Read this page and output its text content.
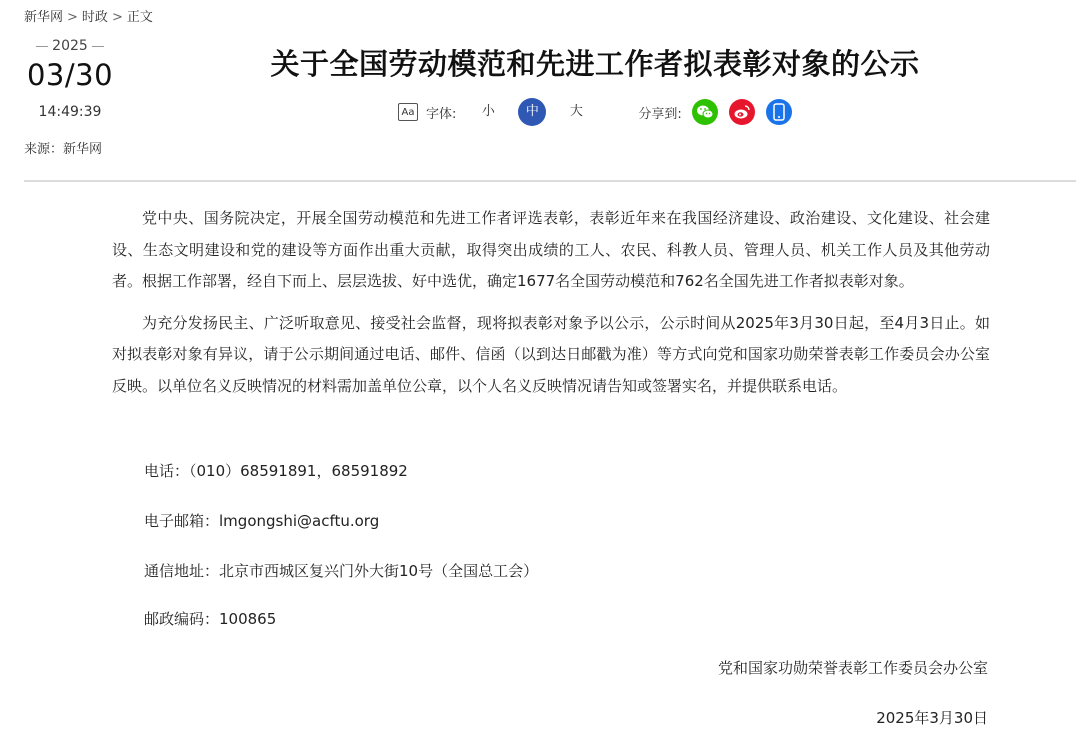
新华网 > 时政 > 正文
2025
03/30
14:49:39
来源：新华网
关于全国劳动模范和先进工作者拟表彰对象的公示
Aa 字体:	小	中	大	分享到:

党中央、国务院决定，开展全国劳动模范和先进工作者评选表彰，表彰近年来在我国经济建设、政治建设、文化建设、社会建设、生态文明建设和党的建设等方面作出重大贡献，取得突出成绩的工人、农民、科教人员、管理人员、机关工作人员及其他劳动者。根据工作部署，经自下而上、层层选拔、好中选优，确定1677名全国劳动模范和762名全国先进工作者拟表彰对象。

为充分发扬民主、广泛听取意见、接受社会监督，现将拟表彰对象予以公示，公示时间从2025年3月30日起，至4月3日止。如对拟表彰对象有异议，请于公示期间通过电话、邮件、信函（以到达日邮戳为准）等方式向党和国家功勋荣誉表彰工作委员会办公室反映。以单位名义反映情况的材料需加盖单位公章，以个人名义反映情况请告知或签署实名，并提供联系电话。

电话：（010）68591891，68591892
电子邮箱：lmgongshi@acftu.org
通信地址：北京市西城区复兴门外大街10号（全国总工会）
邮政编码：100865
党和国家功勋荣誉表彰工作委员会办公室
2025年3月30日
